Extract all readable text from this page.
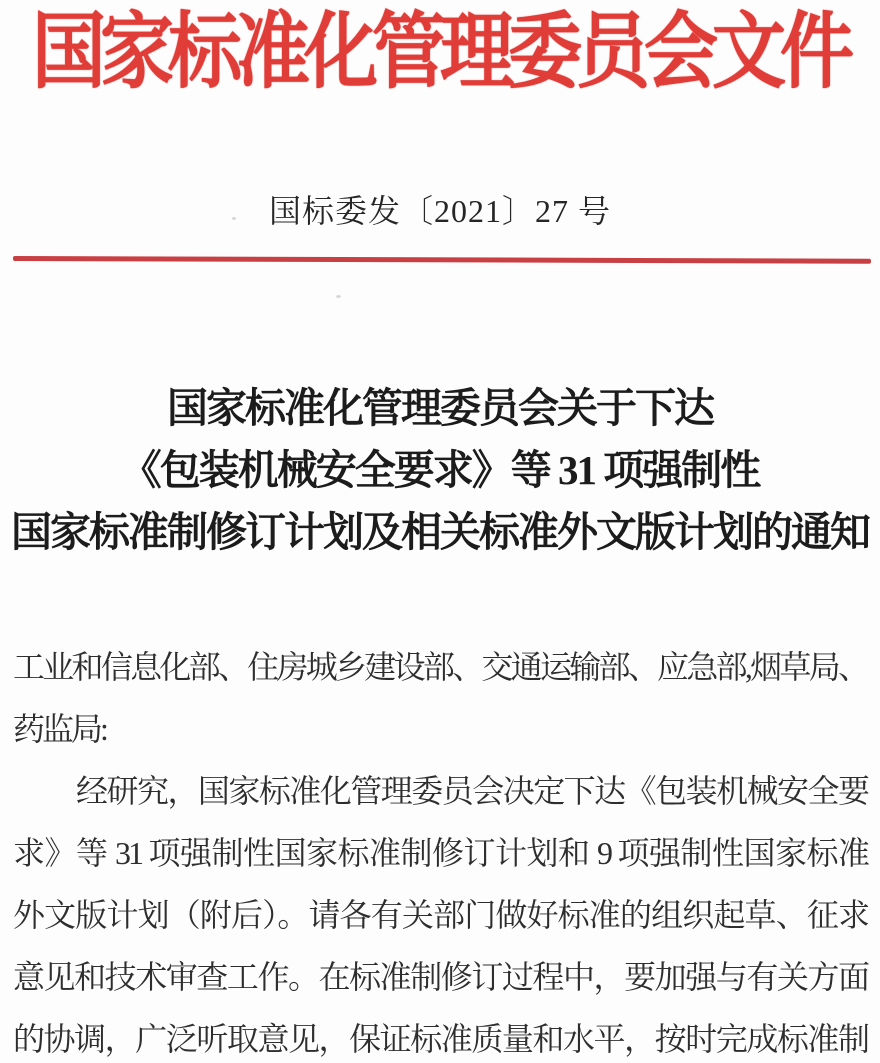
国家标准化管理委员会文件
国标委发〔2021〕27 号
国家标准化管理委员会关于下达
《包装机械安全要求》等 31 项强制性
国家标准制修订计划及相关标准外文版计划的通知
工业和信息化部、住房城乡建设部、交通运输部、应急部,烟草局、
药监局:
经研究，国家标准化管理委员会决定下达《包装机械安全要
求》等 31 项强制性国家标准制修订计划和 9 项强制性国家标准
外文版计划（附后）。请各有关部门做好标准的组织起草、征求
意见和技术审查工作。在标准制修订过程中，要加强与有关方面
的协调，广泛听取意见，保证标准质量和水平，按时完成标准制
